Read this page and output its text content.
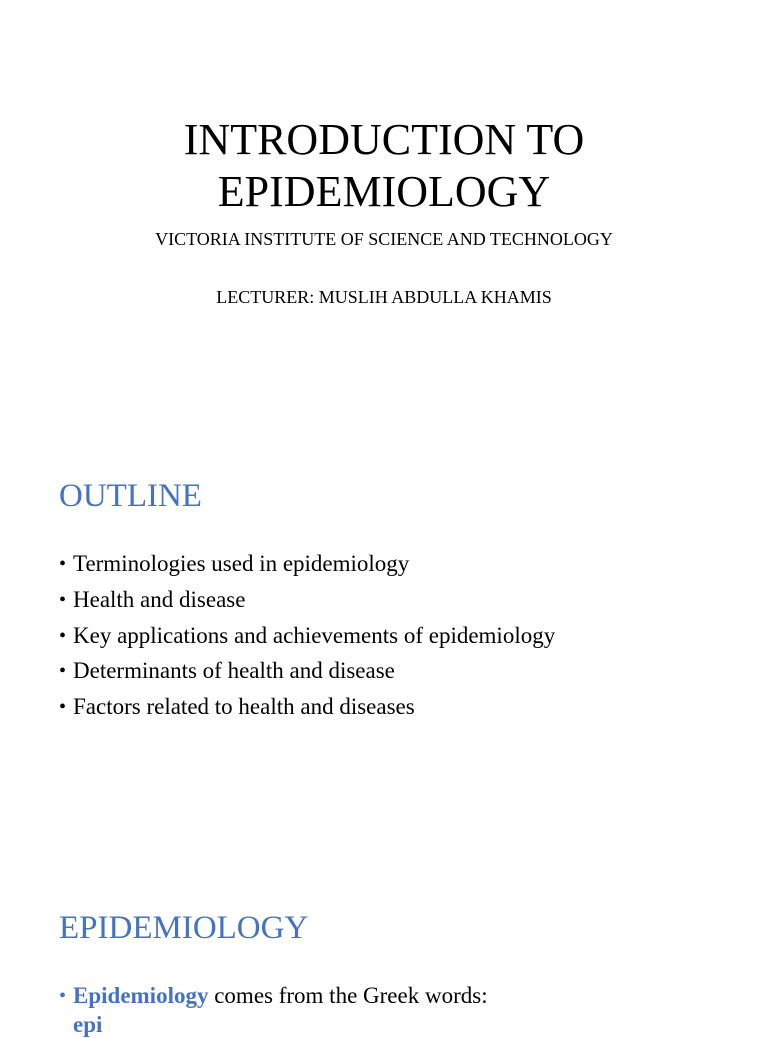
INTRODUCTION TO
EPIDEMIOLOGY
VICTORIA INSTITUTE OF SCIENCE AND TECHNOLOGY
LECTURER: MUSLIH ABDULLA KHAMIS
OUTLINE
• Terminologies used in epidemiology
• Health and disease
• Key applications and achievements of epidemiology
• Determinants of health and disease
• Factors related to health and diseases
EPIDEMIOLOGY
• Epidemiology comes from the Greek words:
epi
